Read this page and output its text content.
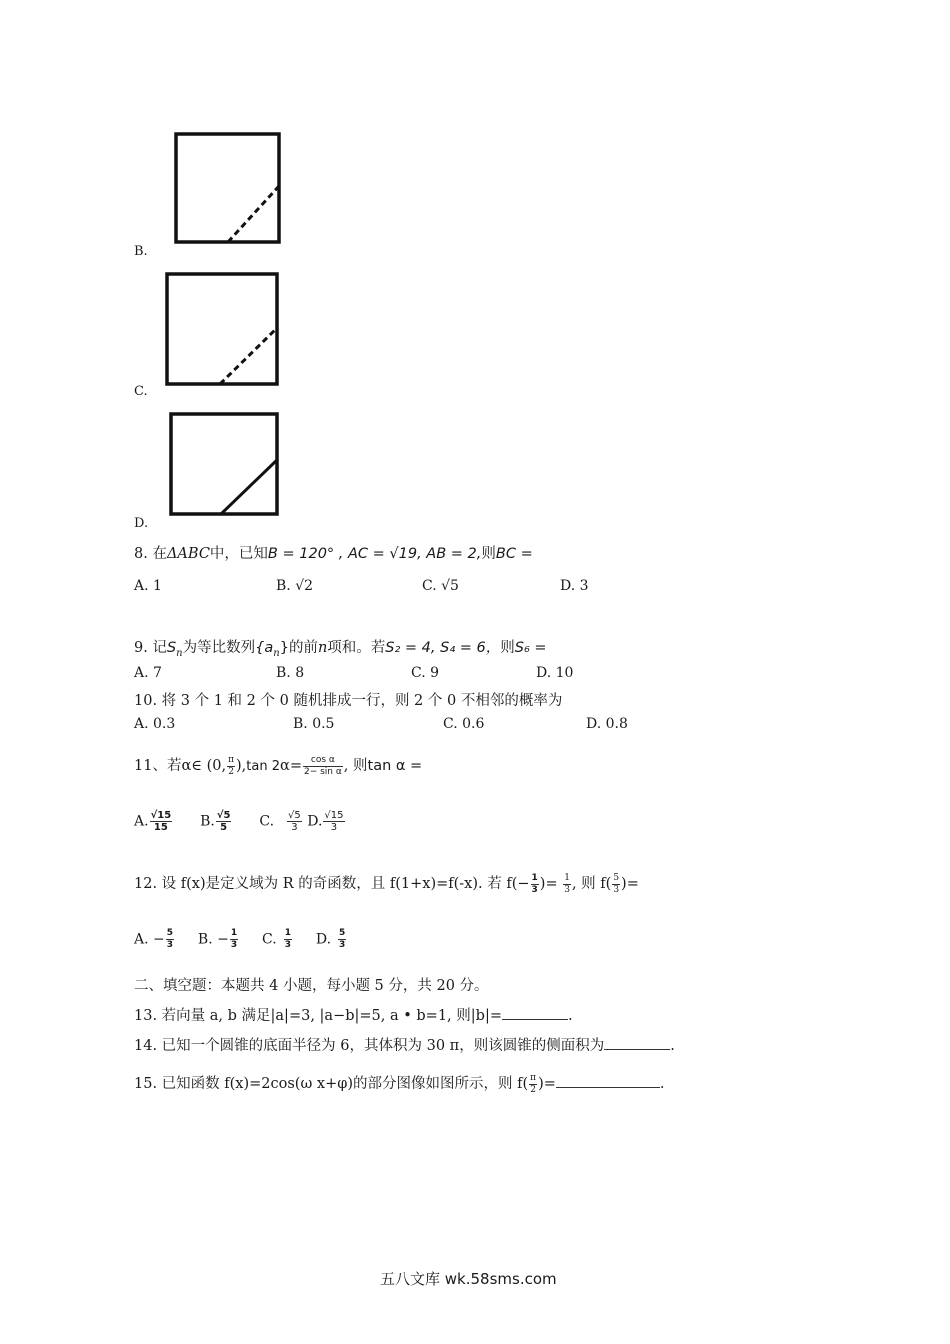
B.
C.
D.
8. 在ΔABC中，已知B = 120° , AC = √19, AB = 2,则BC =
A. 1	B. √2	C. √5	D. 3
9. 记$S_n$为等比数列$\{a_n\}$的前n项和。若S₂ = 4, S₄ = 6，则S₆ =
A. 7	B. 8	C. 9	D. 10
10. 将 3 个 1 和 2 个 0 随机排成一行，则 2 个 0 不相邻的概率为
A. 0.3	B. 0.5	C. 0.6	D. 0.8
11、若α∈ (0, $\frac{\pi}{2} ),\tan$ $2\alpha= \frac{\text{cos α}}{\text{2− sin α}}$ , 则tan α =
A. $\frac{√15}{15} B$. $\frac{√5}{5} C$. $\frac{√5}{3} D$. $\frac{√15}{3}$
12. 设 f(x)是定义域为 R 的奇函数，且 f(1+x)=f(-x). 若 $f(- \frac{1}{3}$ )= $\frac{1}{3}$ , 则 $f( \frac{5}{3}$ )=
A. − $\frac{5}{3} B$. − $\frac{1}{3} C$. $\frac{1}{3} D$. $\frac{5}{3}$
二、填空题：本题共 4 小题，每小题 5 分，共 20 分。
13. 若向量 a, b 满足|a|=3, |a−b|=5, a • b=1, 则|b|=	.
14. 已知一个圆锥的底面半径为 6，其体积为 30 π，则该圆锥的侧面积为	.
15. 已知函数 f(x)=2cos(ω x+φ)的部分图像如图所示，则 $f( \frac{\pi}{2}$ )=	.
五八文库 wk.58sms.com
